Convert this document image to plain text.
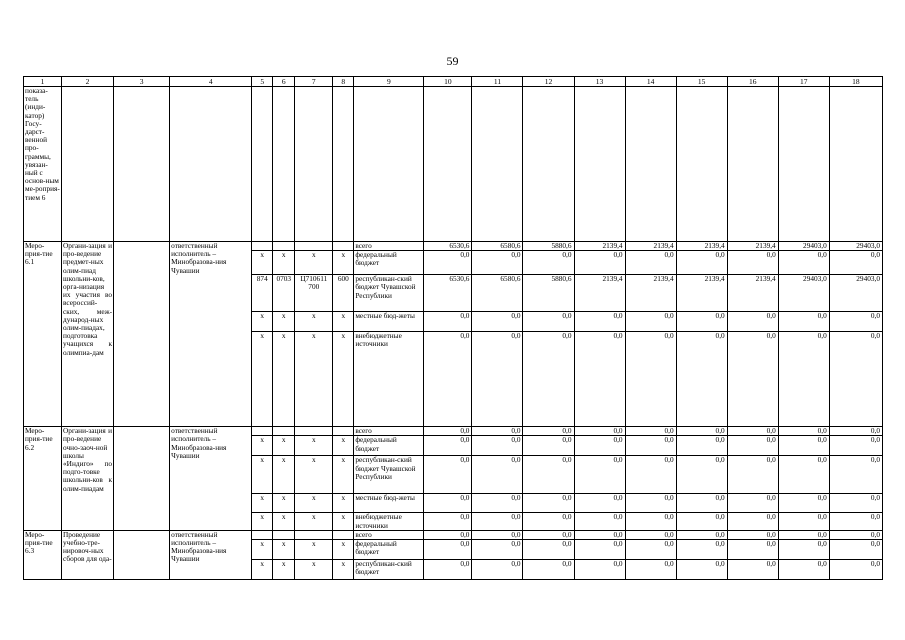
59
1	2	3	4	5	6	7	8	9	10	11	12	13	14	15	16	17	18
показа-тель (инди-катор) Госу-дарст-венной про-граммы, увязан-ный с основ-ным ме-роприя-тием 6																	
Меро-прия-тие 6.1	Органи-зация и про-ведение предмет-ных олим-пиад школьни-ков, орга-низация их участия во всероссий-ских, меж-дународ-ных олим-пиадах, подготовка учащихся к олимпиа-дам		ответственный исполнитель – Минобразова-ния Чувашии					всего	6530,6	6580,6	5880,6	2139,4	2139,4	2139,4	2139,4	29403,0	29403,0
				х	х	х	х	федеральный бюджет	0,0	0,0	0,0	0,0	0,0	0,0	0,0	0,0	0,0
				874	0703	Ц710611 700	600	республикан-ский бюджет Чувашской Республики	6530,6	6580,6	5880,6	2139,4	2139,4	2139,4	2139,4	29403,0	29403,0
				х	х	х	х	местные бюд-жеты	0,0	0,0	0,0	0,0	0,0	0,0	0,0	0,0	0,0
				х	х	х	х	внебюджетные источники	0,0	0,0	0,0	0,0	0,0	0,0	0,0	0,0	0,0
Меро-прия-тие 6.2	Органи-зация и про-ведение очно-заоч-ной школы «Индиго» по подго-товке школьни-ков к олим-пиадам		ответственный исполнитель – Минобразова-ния Чувашии					всего	0,0	0,0	0,0	0,0	0,0	0,0	0,0	0,0	0,0
				х	х	х	х	федеральный бюджет	0,0	0,0	0,0	0,0	0,0	0,0	0,0	0,0	0,0
				х	х	х	х	республикан-ский бюджет Чувашской Республики	0,0	0,0	0,0	0,0	0,0	0,0	0,0	0,0	0,0
				х	х	х	х	местные бюд-жеты	0,0	0,0	0,0	0,0	0,0	0,0	0,0	0,0	0,0
				х	х	х	х	внебюджетные источники	0,0	0,0	0,0	0,0	0,0	0,0	0,0	0,0	0,0
Меро-прия-тие 6.3	Проведение учебно-тре-нировоч-ных сборов для ода-		ответственный исполнитель – Минобразова-ния Чувашии					всего	0,0	0,0	0,0	0,0	0,0	0,0	0,0	0,0	0,0
				х	х	х	х	федеральный бюджет	0,0	0,0	0,0	0,0	0,0	0,0	0,0	0,0	0,0
				х	х	х	х	республикан-ский бюджет	0,0	0,0	0,0	0,0	0,0	0,0	0,0	0,0	0,0
